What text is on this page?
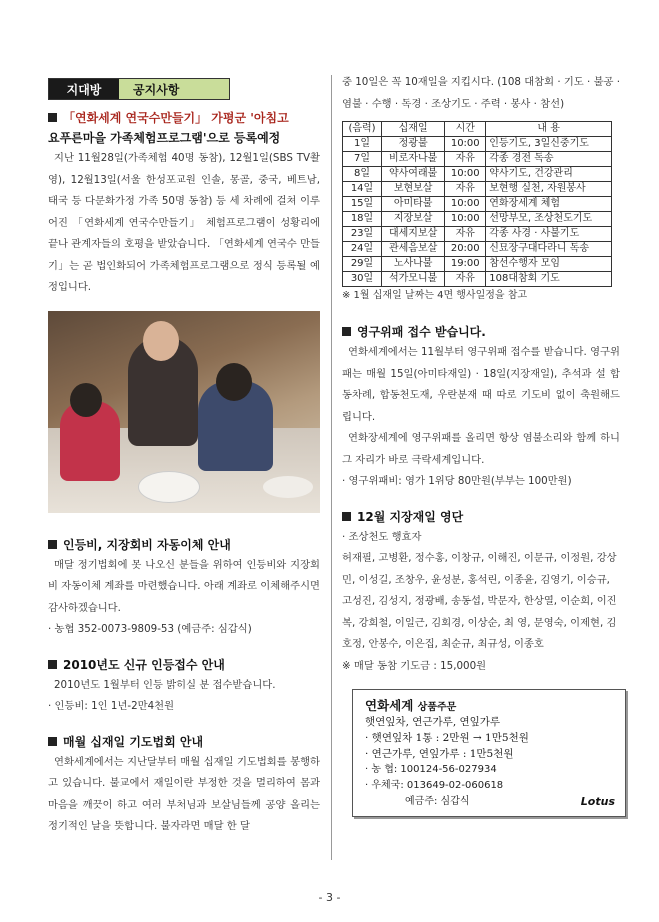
지대방	공지사항
「연화세계 연국수만들기」 가평군 '아침고
요푸른마을 가족체험프로그램'으로 등록예정

지난 11월28일(가족체험 40명 동참), 12월1일(SBS TV촬영), 12월13일(서울 한성포교원 인솔, 몽골, 중국, 베트남, 태국 등 다문화가정 가족 50명 동참) 등 세 차례에 걸쳐 이루어진 「연화세계 연국수만들기」 체험프로그램이 성황리에 끝나 관계자들의 호평을 받았습니다. 「연화세계 연국수 만들기」는 곧 법인화되어 가족체험프로그램으로 정식 등록될 예정입니다.

인등비, 지장회비 자동이체 안내

매달 정기법회에 못 나오신 분들을 위하여 인등비와 지장회비 자동이체 계좌를 마련했습니다. 아래 계좌로 이체해주시면 감사하겠습니다.

· 농협 352-0073-9809-53 (예금주: 심갑식)

2010년도 신규 인등접수 안내

2010년도 1월부터 인등 밝히실 분 접수받습니다.

· 인등비: 1인 1년-2만4천원

매월 십재일 기도법회 안내

연화세계에서는 지난달부터 매월 십재일 기도법회를 봉행하고 있습니다. 불교에서 재일이란 부정한 것을 멀리하여 몸과 마음을 깨끗이 하고 여러 부처님과 보살님들께 공양 올리는 정기적인 날을 뜻합니다. 불자라면 매달 한 달

중 10일은 꼭 10재일을 지킵시다. (108 대참회 · 기도 · 불공 · 염불 · 수행 · 독경 · 조상기도 · 주력 · 봉사 · 참선)

(음력)	십재일	시간	내 용
1일	정광불	10:00	인등기도, 3일신중기도
7일	비로자나불	자유	각종 경전 독송
8일	약사여래불	10:00	약사기도, 건강관리
14일	보현보살	자유	보현행 실천, 자원봉사
15일	아미타불	10:00	연화장세계 체험
18일	지장보살	10:00	선망부모, 조상천도기도
23일	대세지보살	자유	각종 사경 · 사불기도
24일	관세음보살	20:00	신묘장구대다라니 독송
29일	노사나불	19:00	참선수행자 모임
30일	석가모니불	자유	108대참회 기도
※ 1월 십재일 날짜는 4면 행사일정을 참고
영구위패 접수 받습니다.

연화세계에서는 11월부터 영구위패 접수를 받습니다. 영구위패는 매월 15일(아미타재일) · 18일(지장재일), 추석과 설 합동차례, 합동천도재, 우란분재 때 따로 기도비 없이 축원해드립니다.

연화장세계에 영구위패를 올리면 항상 염불소리와 함께 하니 그 자리가 바로 극락세계입니다.

· 영구위패비: 영가 1위당 80만원(부부는 100만원)

12월 지장재일 영단
· 조상천도 행효자
허재필, 고병환, 정수홍, 이창규, 이해진, 이문규, 이정원, 강상민, 이성길, 조창우, 윤성분, 홍석린, 이종윤, 김영기, 이승규, 고성진, 김성지, 정광배, 송동섭, 박문자, 한상열, 이순희, 이진복, 강희철, 이일근, 김회경, 이상순, 최 영, 문영숙, 이제현, 김호정, 안봉수, 이은집, 최순규, 최규성, 이종호
※ 매달 동참 기도금 : 15,000원
연화세계 상품주문
햇연잎차, 연근가루, 연잎가루
· 햇연잎차 1통 : 2만원 → 1만5천원
· 연근가루, 연잎가루 : 1만5천원
· 농 협: 100124-56-027934
· 우체국: 013649-02-060618
예금주: 심갑식	Lotus
- 3 -
